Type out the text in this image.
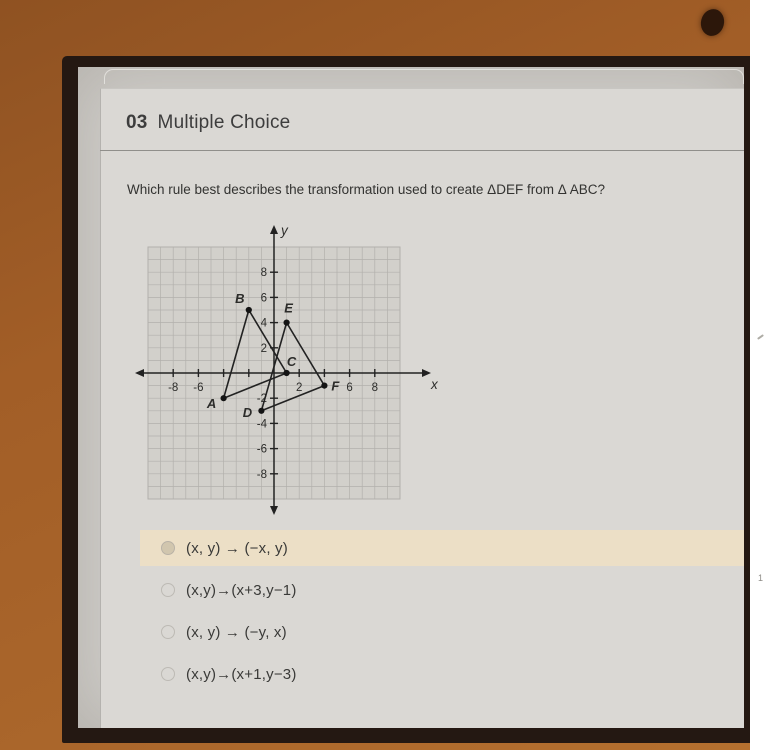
03 Multiple Choice
Which rule best describes the transformation used to create ΔDEF from Δ ABC?
x
y
-8 -6	2	6 8
8
6
4
2
-2
-4
-6
-8
A
B
C
D
E
F
(x, y) → (−x, y)
(x,y)→(x+3,y−1)
(x, y) → (−y, x)
(x,y)→(x+1,y−3)
1
